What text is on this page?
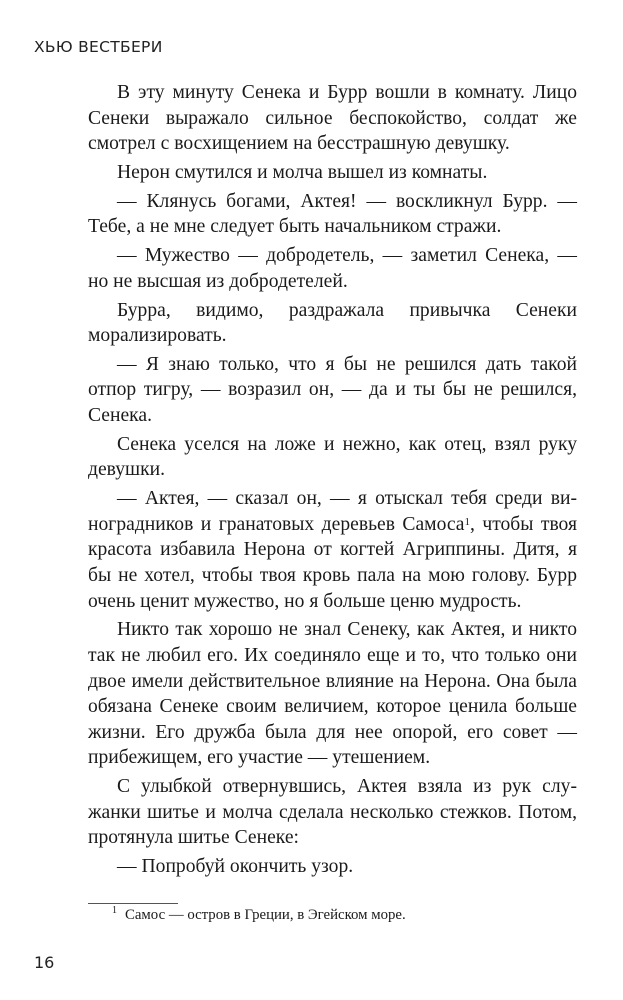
ХЬЮ ВЕСТБЕРИ

В эту минуту Сенека и Бурр вошли в комнату. Лицо Сенеки выражало сильное беспокойство, солдат же смотрел с восхищением на бесстрашную девушку.

Нерон смутился и молча вышел из комнаты.

— Клянусь богами, Актея! — воскликнул Бурр. — Тебе, а не мне следует быть начальником стражи.

— Мужество — добродетель, — заметил Сенека, — но не высшая из добродетелей.

Бурра, видимо, раздражала привычка Сенеки морализировать.

— Я знаю только, что я бы не решился дать такой отпор тигру, — возразил он, — да и ты бы не решился, Сенека.

Сенека уселся на ложе и нежно, как отец, взял руку девушки.

— Актея, — сказал он, — я отыскал тебя среди виноградников и гранатовых деревьев Самоса$^1$, чтобы твоя красота избавила Нерона от когтей Агриппины. Дитя, я бы не хотел, чтобы твоя кровь пала на мою голову. Бурр очень ценит мужество, но я больше ценю мудрость.

Никто так хорошо не знал Сенеку, как Актея, и никто так не любил его. Их соединяло еще и то, что только они двое имели действительное влияние на Нерона. Она была обязана Сенеке своим величием, которое ценила больше жизни. Его дружба была для нее опорой, его совет — прибежищем, его участие — утешением.

С улыбкой отвернувшись, Актея взяла из рук служанки шитье и молча сделала несколько стежков. Потом, протянула шитье Сенеке:

— Попробуй окончить узор.

$^1$ Самос — остров в Греции, в Эгейском море.
16
